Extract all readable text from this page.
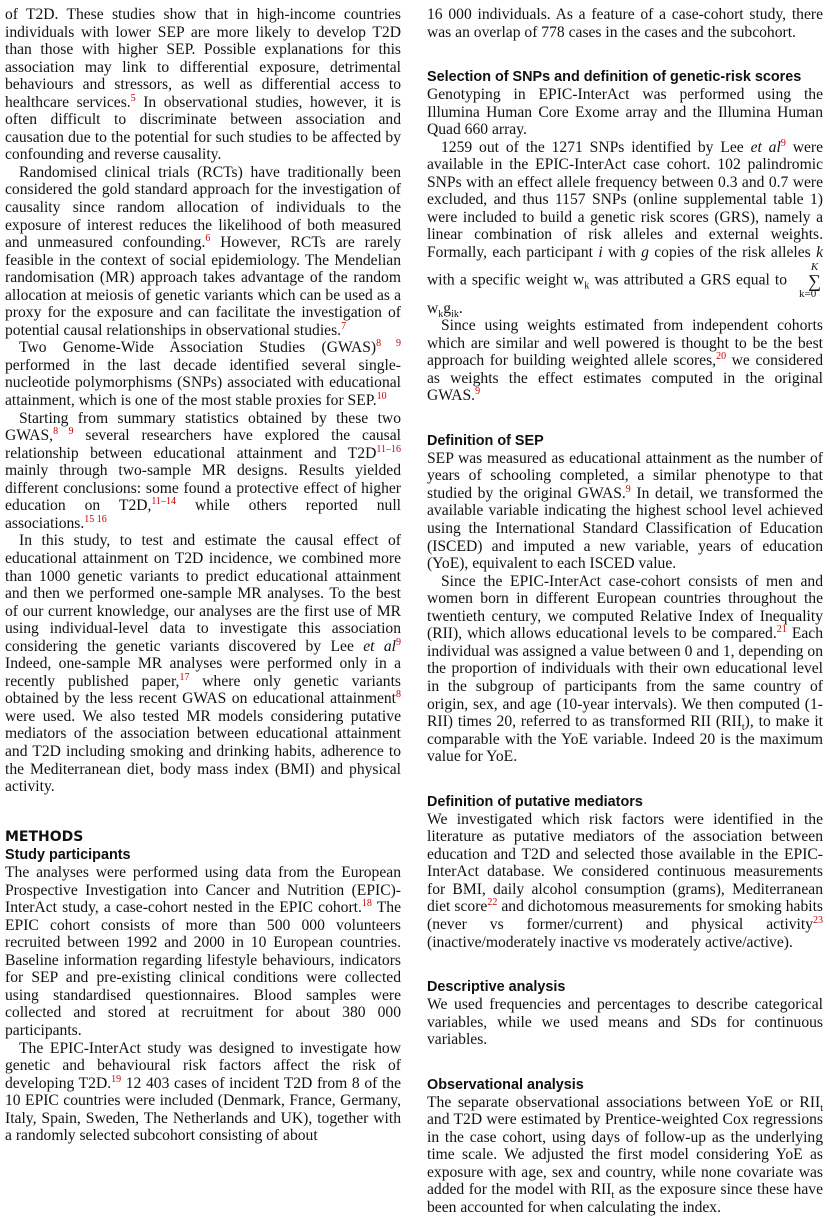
of T2D. These studies show that in high-income countries individuals with lower SEP are more likely to develop T2D than those with higher SEP. Possible explanations for this association may link to differential exposure, detrimental behaviours and stressors, as well as differential access to healthcare services.$^5$ In observational studies, however, it is often difficult to discriminate between association and causation due to the potential for such studies to be affected by confounding and reverse causality.

Randomised clinical trials (RCTs) have traditionally been considered the gold standard approach for the investigation of causality since random allocation of individuals to the exposure of interest reduces the likelihood of both measured and unmeasured confounding.$^6$ However, RCTs are rarely feasible in the context of social epidemiology. The Mendelian randomisation (MR) approach takes advantage of the random allocation at meiosis of genetic variants which can be used as a proxy for the exposure and can facilitate the investigation of potential causal relationships in observational studies.$^7$

Two Genome-Wide Association Studies (GWAS)$^{8 9}$ performed in the last decade identified several single-nucleotide polymorphisms (SNPs) associated with educational attainment, which is one of the most stable proxies for SEP.$^{10}$

Starting from summary statistics obtained by these two GWAS,$^{8 9}$ several researchers have explored the causal relationship between educational attainment and $T2D^{11-16}$ mainly through two-sample MR designs. Results yielded different conclusions: some found a protective effect of higher education on T2D,$^{11-14}$ while others reported null associations.$^{15 16}$

In this study, to test and estimate the causal effect of educational attainment on T2D incidence, we combined more than 1000 genetic variants to predict educational attainment and then we performed one-sample MR analyses. To the best of our current knowledge, our analyses are the first use of MR using individual-level data to investigate this association considering the genetic variants discovered by Lee et $al^9$ Indeed, one-sample MR analyses were performed only in a recently published paper,$^{17}$ where only genetic variants obtained by the less recent GWAS on educational attainment$^8$ were used. We also tested MR models considering putative mediators of the association between educational attainment and T2D including smoking and drinking habits, adherence to the Mediterranean diet, body mass index (BMI) and physical activity.

METHODS
Study participants

The analyses were performed using data from the European Prospective Investigation into Cancer and Nutrition (EPIC)-InterAct study, a case-cohort nested in the EPIC cohort.$^{18}$ The EPIC cohort consists of more than 500 000 volunteers recruited between 1992 and 2000 in 10 European countries. Baseline information regarding lifestyle behaviours, indicators for SEP and pre-existing clinical conditions were collected using standardised questionnaires. Blood samples were collected and stored at recruitment for about 380 000 participants.

The EPIC-InterAct study was designed to investigate how genetic and behavioural risk factors affect the risk of developing T2D.$^{19}$ 12 403 cases of incident T2D from 8 of the 10 EPIC countries were included (Denmark, France, Germany, Italy, Spain, Sweden, The Netherlands and UK), together with a randomly selected subcohort consisting of about

16 000 individuals. As a feature of a case-cohort study, there was an overlap of 778 cases in the cases and the subcohort.

Selection of SNPs and definition of genetic-risk scores

Genotyping in EPIC-InterAct was performed using the Illumina Human Core Exome array and the Illumina Human Quad 660 array.

1259 out of the 1271 SNPs identified by Lee et $al^9$ were available in the EPIC-InterAct case cohort. 102 palindromic SNPs with an effect allele frequency between 0.3 and 0.7 were excluded, and thus 1157 SNPs (online supplemental table 1) were included to build a genetic risk scores (GRS), namely a linear combination of risk alleles and external weights. Formally, each participant i with g copies of the risk alleles k with a specific weight $w_k$ was attributed a GRS equal to K
∑
k=0 $w_kg_{ik}$.

Since using weights estimated from independent cohorts which are similar and well powered is thought to be the best approach for building weighted allele scores,$^{20}$ we considered as weights the effect estimates computed in the original GWAS.$^9$

Definition of SEP

SEP was measured as educational attainment as the number of years of schooling completed, a similar phenotype to that studied by the original GWAS.$^9$ In detail, we transformed the available variable indicating the highest school level achieved using the International Standard Classification of Education (ISCED) and imputed a new variable, years of education (YoE), equivalent to each ISCED value.

Since the EPIC-InterAct case-cohort consists of men and women born in different European countries throughout the twentieth century, we computed Relative Index of Inequality (RII), which allows educational levels to be compared.$^{21}$ Each individual was assigned a value between 0 and 1, depending on the proportion of individuals with their own educational level in the subgroup of participants from the same country of origin, sex, and age (10-year intervals). We then computed (1-RII) times 20, referred to as transformed RII $(RII_t)$, to make it comparable with the YoE variable. Indeed 20 is the maximum value for YoE.

Definition of putative mediators

We investigated which risk factors were identified in the literature as putative mediators of the association between education and T2D and selected those available in the EPIC-InterAct database. We considered continuous measurements for BMI, daily alcohol consumption (grams), Mediterranean diet score$^{22}$ and dichotomous measurements for smoking habits (never vs former/current) and physical activity$^{23}$ (inactive/moderately inactive vs moderately active/active).

Descriptive analysis

We used frequencies and percentages to describe categorical variables, while we used means and SDs for continuous variables.

Observational analysis

The separate observational associations between YoE or $RII_t$ and T2D were estimated by Prentice-weighted Cox regressions in the case cohort, using days of follow-up as the underlying time scale. We adjusted the first model considering YoE as exposure with age, sex and country, while none covariate was added for the model with $RII_t$ as the exposure since these have been accounted for when calculating the index.
